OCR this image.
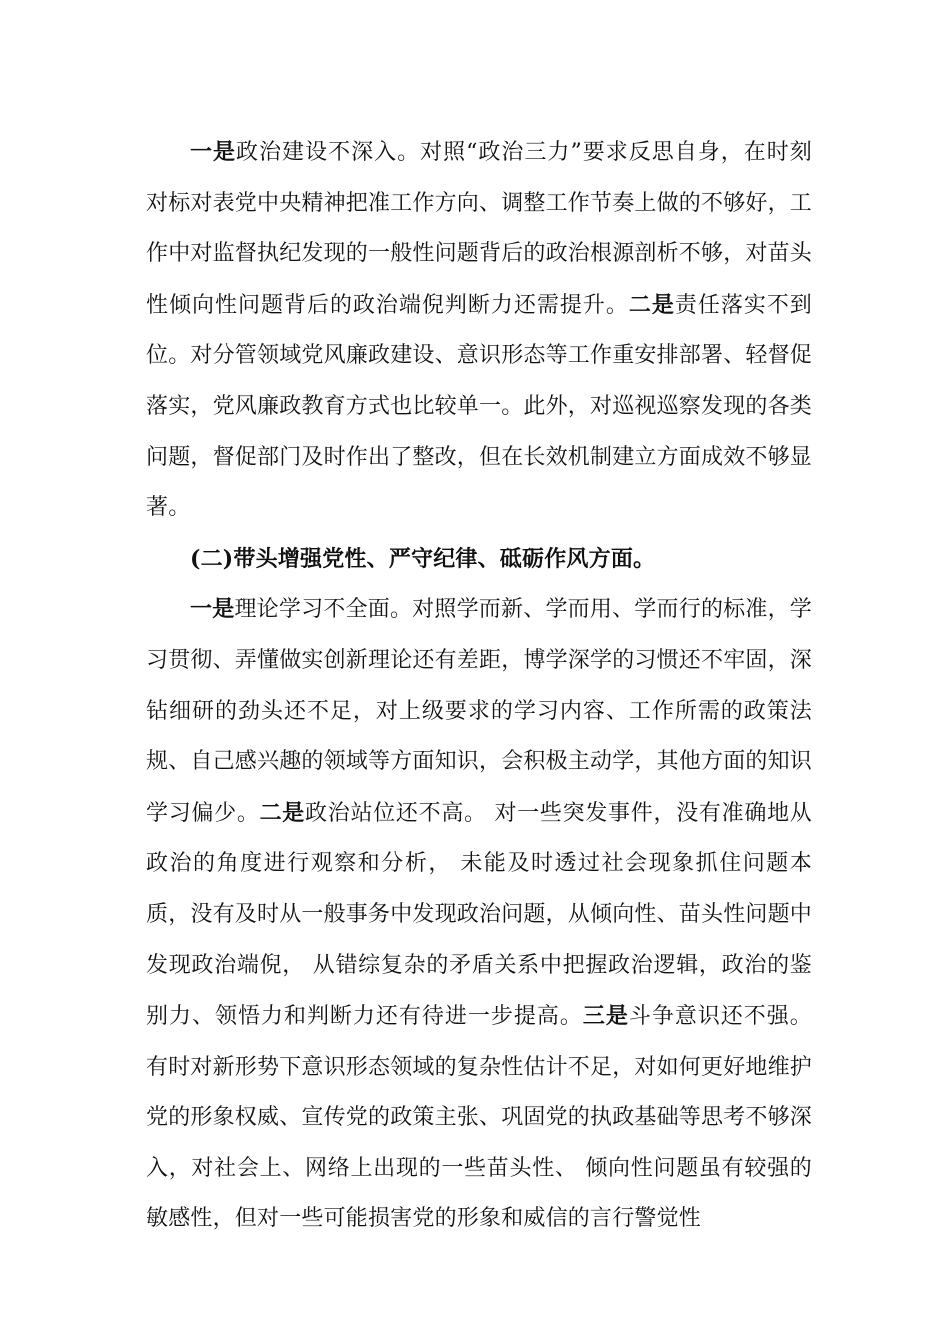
一是政治建设不深入。对照“政治三力”要求反思自身，在时刻对标对表党中央精神把准工作方向、调整工作节奏上做的不够好，工作中对监督执纪发现的一般性问题背后的政治根源剖析不够，对苗头性倾向性问题背后的政治端倪判断力还需提升。二是责任落实不到位。对分管领域党风廉政建设、意识形态等工作重安排部署、轻督促落实，党风廉政教育方式也比较单一。此外，对巡视巡察发现的各类问题，督促部门及时作出了整改，但在长效机制建立方面成效不够显著。

(二)带头增强党性、严守纪律、砥砺作风方面。

一是理论学习不全面。对照学而新、学而用、学而行的标准，学习贯彻、弄懂做实创新理论还有差距，博学深学的习惯还不牢固，深钻细研的劲头还不足，对上级要求的学习内容、工作所需的政策法规、自己感兴趣的领域等方面知识，会积极主动学，其他方面的知识学习偏少。二是政治站位还不高。 对一些突发事件，没有准确地从政治的角度进行观察和分析， 未能及时透过社会现象抓住问题本质，没有及时从一般事务中发现政治问题，从倾向性、苗头性问题中发现政治端倪， 从错综复杂的矛盾关系中把握政治逻辑，政治的鉴别力、领悟力和判断力还有待进一步提高。三是斗争意识还不强。有时对新形势下意识形态领域的复杂性估计不足，对如何更好地维护党的形象权威、宣传党的政策主张、巩固党的执政基础等思考不够深入，对社会上、网络上出现的一些苗头性、 倾向性问题虽有较强的敏感性，但对一些可能损害党的形象和威信的言行警觉性
